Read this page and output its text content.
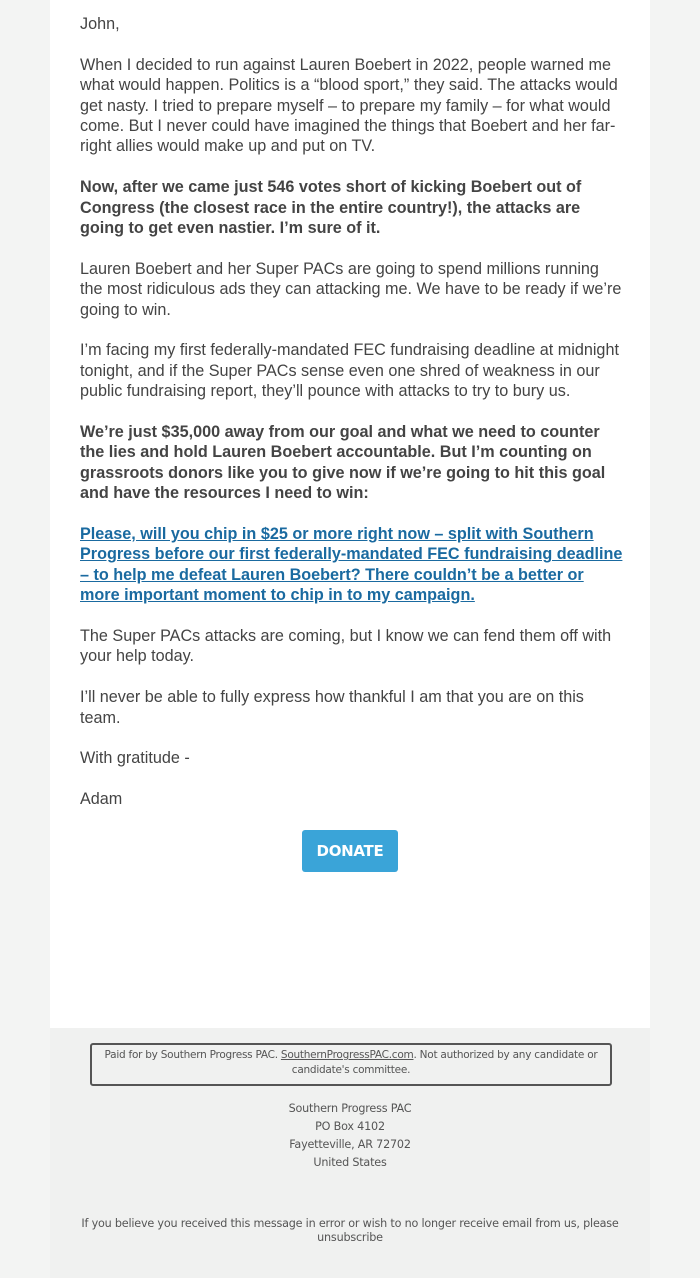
John,

When I decided to run against Lauren Boebert in 2022, people warned me what would happen. Politics is a “blood sport,” they said. The attacks would get nasty. I tried to prepare myself – to prepare my family – for what would come. But I never could have imagined the things that Boebert and her far-right allies would make up and put on TV.

Now, after we came just 546 votes short of kicking Boebert out of Congress (the closest race in the entire country!), the attacks are going to get even nastier. I’m sure of it.

Lauren Boebert and her Super PACs are going to spend millions running the most ridiculous ads they can attacking me. We have to be ready if we’re going to win.

I’m facing my first federally-mandated FEC fundraising deadline at midnight tonight, and if the Super PACs sense even one shred of weakness in our public fundraising report, they’ll pounce with attacks to try to bury us.

We’re just $35,000 away from our goal and what we need to counter the lies and hold Lauren Boebert accountable. But I’m counting on grassroots donors like you to give now if we’re going to hit this goal and have the resources I need to win:

Please, will you chip in $25 or more right now – split with Southern Progress before our first federally-mandated FEC fundraising deadline – to help me defeat Lauren Boebert? There couldn’t be a better or more important moment to chip in to my campaign.

The Super PACs attacks are coming, but I know we can fend them off with your help today.

I’ll never be able to fully express how thankful I am that you are on this team.

With gratitude -

Adam

DONATE
Paid for by Southern Progress PAC. SouthernProgressPAC.com. Not authorized by any candidate or candidate's committee.
Southern Progress PAC
PO Box 4102
Fayetteville, AR 72702
United States
If you believe you received this message in error or wish to no longer receive email from us, please unsubscribe
